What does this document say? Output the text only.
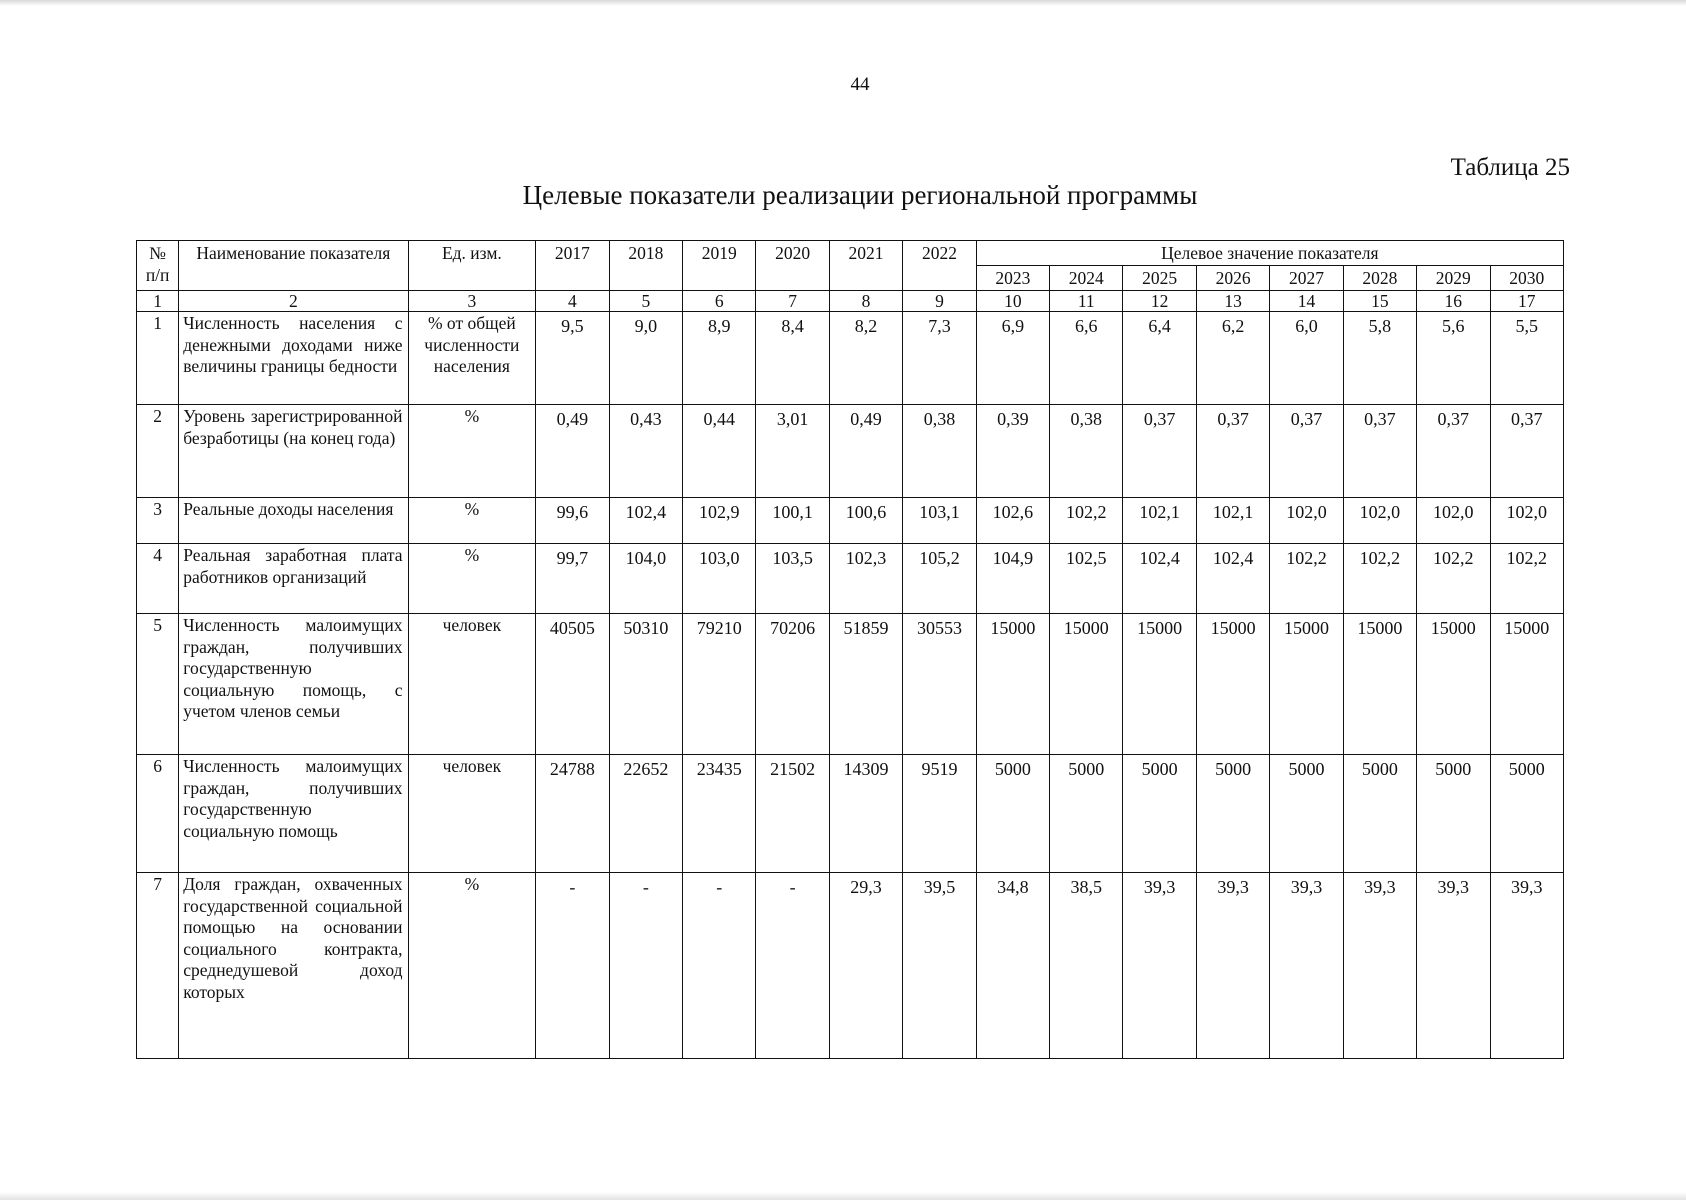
44
Таблица 25
Целевые показатели реализации региональной программы
№ п/п	Наименование показателя	Ед. изм.	2017	2018	2019	2020	2021	2022	Целевое значение показателя							
									2023	2024	2025	2026	2027	2028	2029	2030
1	2	3	4	5	6	7	8	9	10	11	12	13	14	15	16	17
1	Численность населения с денежными доходами ниже величины границы бедности	% от общей численности населения	9,5	9,0	8,9	8,4	8,2	7,3	6,9	6,6	6,4	6,2	6,0	5,8	5,6	5,5
2	Уровень зарегистрированной безработицы (на конец года)	%	0,49	0,43	0,44	3,01	0,49	0,38	0,39	0,38	0,37	0,37	0,37	0,37	0,37	0,37
3	Реальные доходы населения	%	99,6	102,4	102,9	100,1	100,6	103,1	102,6	102,2	102,1	102,1	102,0	102,0	102,0	102,0
4	Реальная заработная плата работников организаций	%	99,7	104,0	103,0	103,5	102,3	105,2	104,9	102,5	102,4	102,4	102,2	102,2	102,2	102,2
5	Численность малоимущих граждан, получивших государственную социальную помощь, с учетом членов семьи	человек	40505	50310	79210	70206	51859	30553	15000	15000	15000	15000	15000	15000	15000	15000
6	Численность малоимущих граждан, получивших государственную социальную помощь	человек	24788	22652	23435	21502	14309	9519	5000	5000	5000	5000	5000	5000	5000	5000
7	Доля граждан, охваченных государственной социальной помощью на основании социального контракта, среднедушевой доход которых	%	-	-	-	-	29,3	39,5	34,8	38,5	39,3	39,3	39,3	39,3	39,3	39,3
